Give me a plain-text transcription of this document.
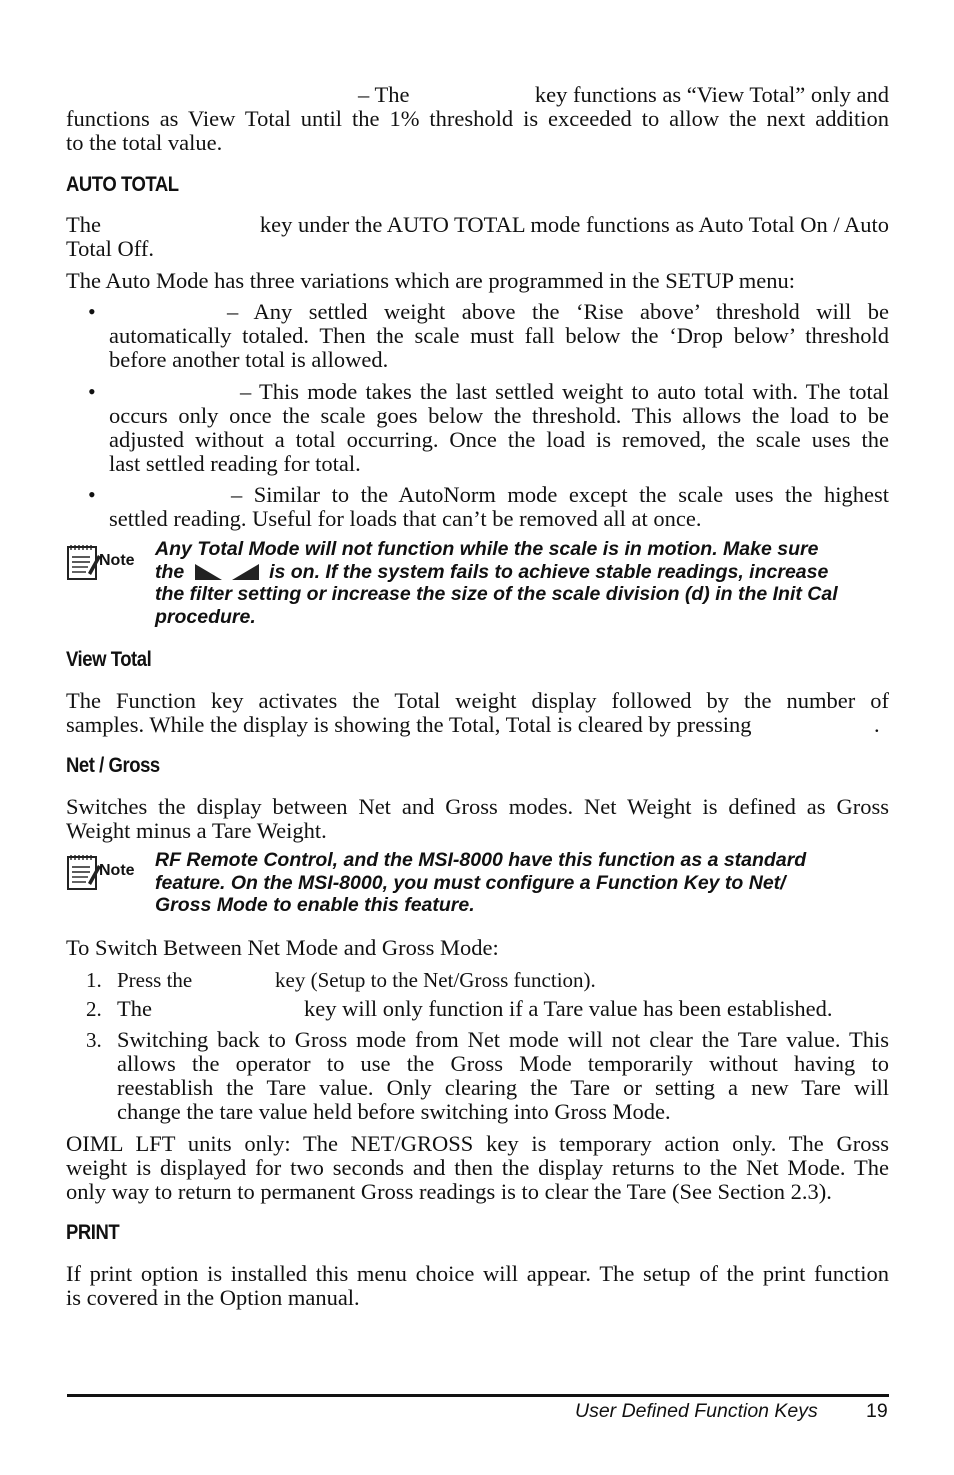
– The	key functions as “View Total” only and
functions as View Total until the 1% threshold is exceeded to allow the next addition
to the total value.
AUTO TOTAL
The	key under the AUTO TOTAL mode functions as Auto Total On / Auto
Total Off.
The Auto Mode has three variations which are programmed in the SETUP menu:
•	– Any settled weight above the ‘Rise above’ threshold will be
automatically totaled. Then the scale must fall below the ‘Drop below’ threshold
before another total is allowed.
•	– This mode takes the last settled weight to auto total with. The total
occurs only once the scale goes below the threshold. This allows the load to be
adjusted without a total occurring. Once the load is removed, the scale uses the
last settled reading for total.
•	– Similar to the AutoNorm mode except the scale uses the highest
settled reading. Useful for loads that can’t be removed all at once.
Note
Any Total Mode will not function while the scale is in motion. Make sure
the	is on. If the system fails to achieve stable readings, increase
the filter setting or increase the size of the scale division (d) in the Init Cal
procedure.
View Total
The Function key activates the Total weight display followed by the number of
samples. While the display is showing the Total, Total is cleared by pressing	.
Net / Gross
Switches the display between Net and Gross modes. Net Weight is defined as Gross
Weight minus a Tare Weight.
Note RF Remote Control, and the MSI-8000 have this function as a standard
feature. On the MSI-8000, you must configure a Function Key to Net/
Gross Mode to enable this feature.
To Switch Between Net Mode and Gross Mode:
1. Press the	key (Setup to the Net/Gross function).
2. The	key will only function if a Tare value has been established.
3. Switching back to Gross mode from Net mode will not clear the Tare value. This
allows the operator to use the Gross Mode temporarily without having to
reestablish the Tare value. Only clearing the Tare or setting a new Tare will
change the tare value held before switching into Gross Mode.
OIML LFT units only: The NET/GROSS key is temporary action only. The Gross
weight is displayed for two seconds and then the display returns to the Net Mode. The
only way to return to permanent Gross readings is to clear the Tare (See Section 2.3).
PRINT
If print option is installed this menu choice will appear. The setup of the print function
is covered in the Option manual.
User Defined Function Keys 19
